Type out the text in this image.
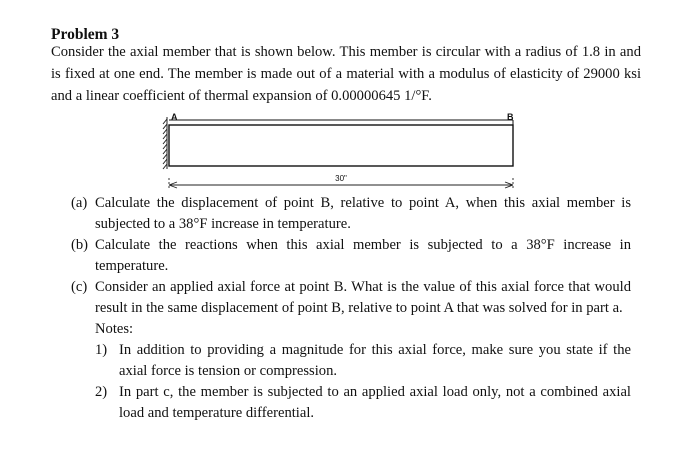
Problem 3

Consider the axial member that is shown below. This member is circular with a radius of 1.8 in and is fixed at one end. The member is made out of a material with a modulus of elasticity of 29000 ksi and a linear coefficient of thermal expansion of 0.00000645 1/°F.

A	B
30"
(a) Calculate the displacement of point B, relative to point A, when this axial member is subjected to a 38°F increase in temperature.
(b) Calculate the reactions when this axial member is subjected to a 38°F increase in temperature.
(c) Consider an applied axial force at point B. What is the value of this axial force that would result in the same displacement of point B, relative to point A that was solved for in part a.

Notes:

1) In addition to providing a magnitude for this axial force, make sure you state if the axial force is tension or compression.
2) In part c, the member is subjected to an applied axial load only, not a combined axial load and temperature differential.
